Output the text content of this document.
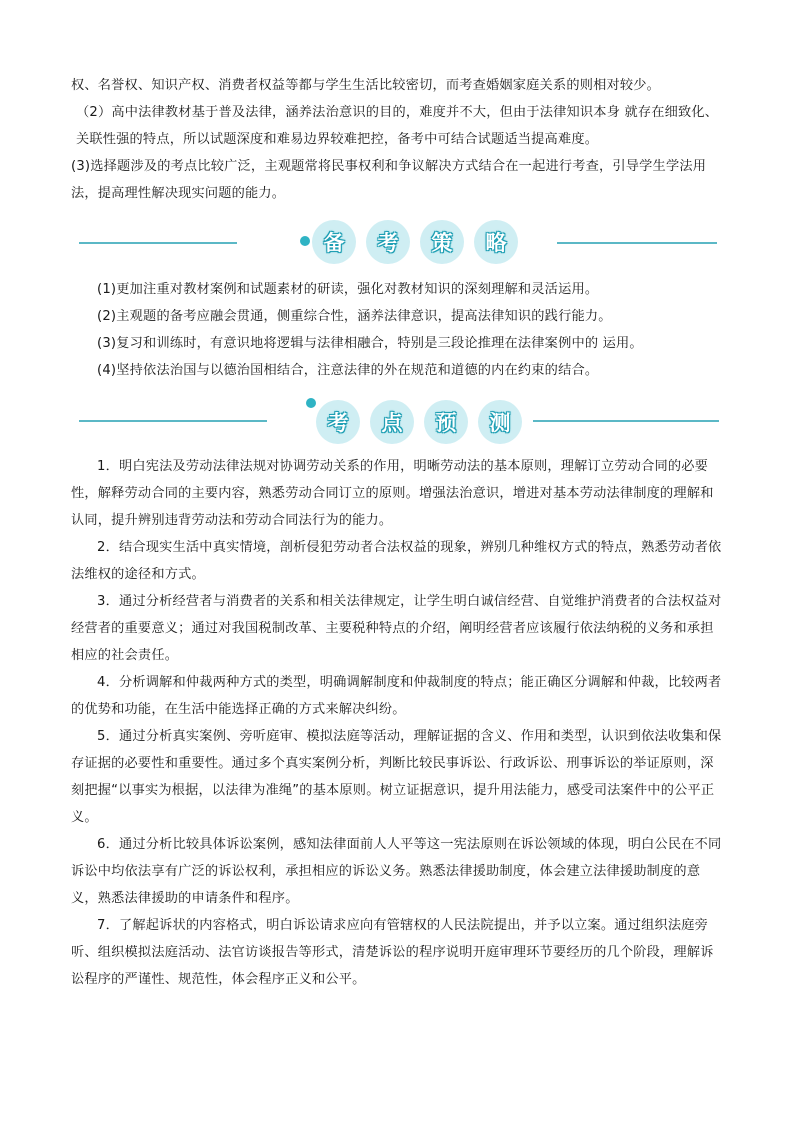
权、名誉权、知识产权、消费者权益等都与学生生活比较密切，而考查婚姻家庭关系的则相对较少。

（2）高中法律教材基于普及法律，涵养法治意识的目的，难度并不大，但由于法律知识本身 就存在细致化、关联性强的特点，所以试题深度和难易边界较难把控，备考中可结合试题适当提高难度。

(3)选择题涉及的考点比较广泛，主观题常将民事权利和争议解决方式结合在一起进行考查，引导学生学法用法，提高理性解决现实问题的能力。

备	考	策	略

(1)更加注重对教材案例和试题素材的研读，强化对教材知识的深刻理解和灵活运用。

(2)主观题的备考应融会贯通，侧重综合性，涵养法律意识，提高法律知识的践行能力。

(3)复习和训练时，有意识地将逻辑与法律相融合，特别是三段论推理在法律案例中的 运用。

(4)坚持依法治国与以德治国相结合，注意法律的外在规范和道德的内在约束的结合。

考	点	预	测

1．明白宪法及劳动法律法规对协调劳动关系的作用，明晰劳动法的基本原则，理解订立劳动合同的必要性，解释劳动合同的主要内容，熟悉劳动合同订立的原则。增强法治意识，增进对基本劳动法律制度的理解和认同，提升辨别违背劳动法和劳动合同法行为的能力。

2．结合现实生活中真实情境，剖析侵犯劳动者合法权益的现象，辨别几种维权方式的特点，熟悉劳动者依法维权的途径和方式。

3．通过分析经营者与消费者的关系和相关法律规定，让学生明白诚信经营、自觉维护消费者的合法权益对经营者的重要意义；通过对我国税制改革、主要税种特点的介绍，阐明经营者应该履行依法纳税的义务和承担相应的社会责任。

4．分析调解和仲裁两种方式的类型，明确调解制度和仲裁制度的特点；能正确区分调解和仲裁，比较两者的优势和功能，在生活中能选择正确的方式来解决纠纷。

5．通过分析真实案例、旁听庭审、模拟法庭等活动，理解证据的含义、作用和类型，认识到依法收集和保存证据的必要性和重要性。通过多个真实案例分析，判断比较民事诉讼、行政诉讼、刑事诉讼的举证原则，深刻把握“以事实为根据，以法律为准绳”的基本原则。树立证据意识，提升用法能力，感受司法案件中的公平正义。

6．通过分析比较具体诉讼案例，感知法律面前人人平等这一宪法原则在诉讼领域的体现，明白公民在不同诉讼中均依法享有广泛的诉讼权利，承担相应的诉讼义务。熟悉法律援助制度，体会建立法律援助制度的意义，熟悉法律援助的申请条件和程序。

7．了解起诉状的内容格式，明白诉讼请求应向有管辖权的人民法院提出，并予以立案。通过组织法庭旁听、组织模拟法庭活动、法官访谈报告等形式，清楚诉讼的程序说明开庭审理环节要经历的几个阶段，理解诉讼程序的严谨性、规范性，体会程序正义和公平。
